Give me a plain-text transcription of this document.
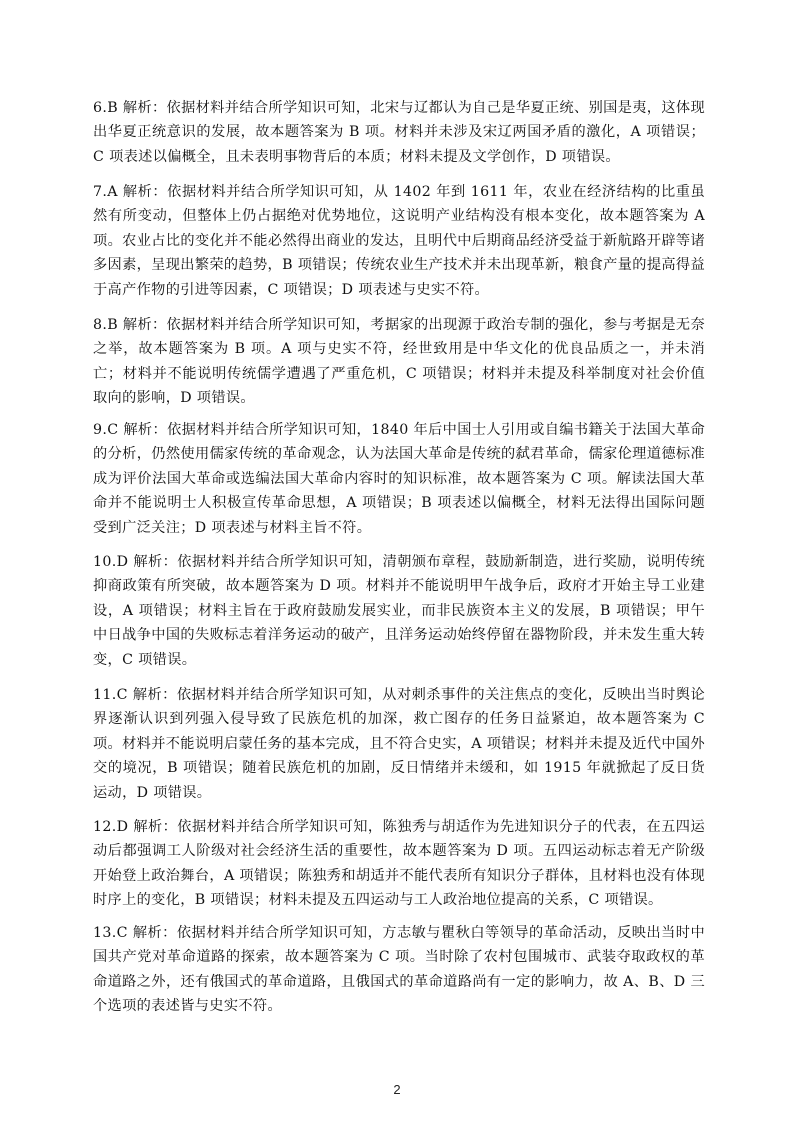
6.B 解析：依据材料并结合所学知识可知，北宋与辽都认为自己是华夏正统、别国是夷，这体现出华夏正统意识的发展，故本题答案为 B 项。材料并未涉及宋辽两国矛盾的激化，A 项错误；C 项表述以偏概全，且未表明事物背后的本质；材料未提及文学创作，D 项错误。
7.A 解析：依据材料并结合所学知识可知，从 1402 年到 1611 年，农业在经济结构的比重虽然有所变动，但整体上仍占据绝对优势地位，这说明产业结构没有根本变化，故本题答案为 A 项。农业占比的变化并不能必然得出商业的发达，且明代中后期商品经济受益于新航路开辟等诸多因素，呈现出繁荣的趋势，B 项错误；传统农业生产技术并未出现革新，粮食产量的提高得益于高产作物的引进等因素，C 项错误；D 项表述与史实不符。
8.B 解析：依据材料并结合所学知识可知，考据家的出现源于政治专制的强化，参与考据是无奈之举，故本题答案为 B 项。A 项与史实不符，经世致用是中华文化的优良品质之一，并未消亡；材料并不能说明传统儒学遭遇了严重危机，C 项错误；材料并未提及科举制度对社会价值取向的影响，D 项错误。
9.C 解析：依据材料并结合所学知识可知，1840 年后中国士人引用或自编书籍关于法国大革命的分析，仍然使用儒家传统的革命观念，认为法国大革命是传统的弑君革命，儒家伦理道德标准成为评价法国大革命或选编法国大革命内容时的知识标准，故本题答案为 C 项。解读法国大革命并不能说明士人积极宣传革命思想，A 项错误；B 项表述以偏概全，材料无法得出国际问题受到广泛关注；D 项表述与材料主旨不符。
10.D 解析：依据材料并结合所学知识可知，清朝颁布章程，鼓励新制造，进行奖励，说明传统抑商政策有所突破，故本题答案为 D 项。材料并不能说明甲午战争后，政府才开始主导工业建设，A 项错误；材料主旨在于政府鼓励发展实业，而非民族资本主义的发展，B 项错误；甲午中日战争中国的失败标志着洋务运动的破产，且洋务运动始终停留在器物阶段，并未发生重大转变，C 项错误。
11.C 解析：依据材料并结合所学知识可知，从对刺杀事件的关注焦点的变化，反映出当时舆论界逐渐认识到列强入侵导致了民族危机的加深，救亡图存的任务日益紧迫，故本题答案为 C 项。材料并不能说明启蒙任务的基本完成，且不符合史实，A 项错误；材料并未提及近代中国外交的境况，B 项错误；随着民族危机的加剧，反日情绪并未缓和，如 1915 年就掀起了反日货运动，D 项错误。
12.D 解析：依据材料并结合所学知识可知，陈独秀与胡适作为先进知识分子的代表，在五四运动后都强调工人阶级对社会经济生活的重要性，故本题答案为 D 项。五四运动标志着无产阶级开始登上政治舞台，A 项错误；陈独秀和胡适并不能代表所有知识分子群体，且材料也没有体现时序上的变化，B 项错误；材料未提及五四运动与工人政治地位提高的关系，C 项错误。
13.C 解析：依据材料并结合所学知识可知，方志敏与瞿秋白等领导的革命活动，反映出当时中国共产党对革命道路的探索，故本题答案为 C 项。当时除了农村包围城市、武装夺取政权的革命道路之外，还有俄国式的革命道路，且俄国式的革命道路尚有一定的影响力，故 A、B、D 三个选项的表述皆与史实不符。
2
